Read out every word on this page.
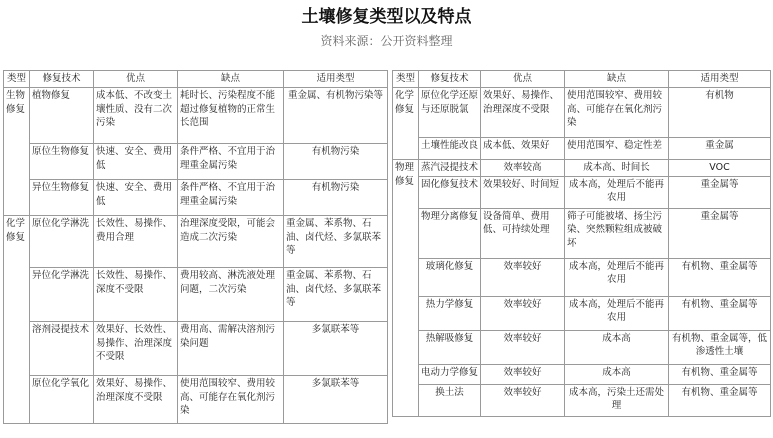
土壤修复类型以及特点
资料来源：公开资料整理
类型	修复技术	优点	缺点	适用类型
生物修复	植物修复	成本低、不改变土壤性质、没有二次污染	耗时长、污染程度不能超过修复植物的正常生长范围	重金属、有机物污染等
	原位生物修复	快速、安全、费用低	条件严格、不宜用于治理重金属污染	有机物污染
	异位生物修复	快速、安全、费用低	条件严格、不宜用于治理重金属污染	有机物污染
化学修复	原位化学淋洗	长效性、易操作、费用合理	治理深度受限，可能会造成二次污染	重金属、苯系物、石油、卤代烃、多氯联苯等
	异位化学淋洗	长效性、易操作、深度不受限	费用较高、淋洗液处理问题，二次污染	重金属、苯系物、石油、卤代烃、多氯联苯等
	溶剂浸提技术	效果好、长效性、易操作、治理深度不受限	费用高、需解决溶剂污染问题	多氯联苯等
	原位化学氧化	效果好、易操作、治理深度不受限	使用范围较窄、费用较高、可能存在氧化剂污染	多氯联苯等
类型	修复技术	优点	缺点	适用类型
化学修复	原位化学还原与还原脱氯	效果好、易操作、治理深度不受限	使用范围较窄、费用较高、可能存在氧化剂污染	有机物
	土壤性能改良	成本低、效果好	使用范围窄、稳定性差	重金属
物理修复	蒸汽浸提技术	效率较高	成本高、时间长	VOC
	固化修复技术	效果较好、时间短	成本高，处理后不能再农用	重金属等
	物理分离修复	设备简单、费用低、可持续处理	筛子可能被堵、扬尘污染、突然颗粒组成被破坏	重金属等
	玻璃化修复	效率较好	成本高，处理后不能再农用	有机物、重金属等
	热力学修复	效率较好	成本高，处理后不能再农用	有机物、重金属等
	热解吸修复	效率较好	成本高	有机物、重金属等，低渗透性土壤
	电动力学修复	效率较好	成本高	有机物、重金属等
	换土法	效率较好	成本高，污染土还需处理	有机物、重金属等
